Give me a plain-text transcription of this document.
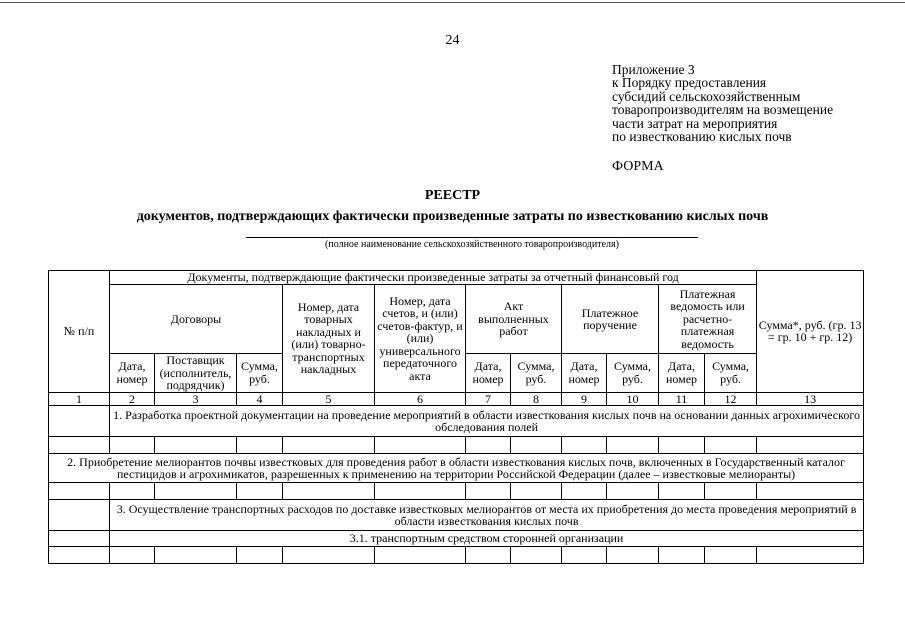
24
Приложение 3
к Порядку предоставления
субсидий сельскохозяйственным
товаропроизводителям на возмещение
части затрат на мероприятия
по известкованию кислых почв
ФОРМА
РЕЕСТР
документов, подтверждающих фактически произведенные затраты по известкованию кислых почв
(полное наименование сельскохозяйственного товаропроизводителя)
№ п/п	Документы, подтверждающие фактически произведенные затраты за отчетный финансовый год											Сумма*, руб. (гр. 13 = гр. 10 + гр. 12)
	Договоры			Номер, дата товарных накладных и (или) товарно-транспортных накладных	Номер, дата счетов, и (или) счетов-фактур, и (или) универсального передаточного акта	Акт выполненных работ		Платежное поручение		Платежная ведомость или расчетно-платежная ведомость		
	Дата, номер	Поставщик (исполнитель, подрядчик)	Сумма, руб.			Дата, номер	Сумма, руб.	Дата, номер	Сумма, руб.	Дата, номер	Сумма, руб.	
1	2	3	4	5	6	7	8	9	10	11	12	13
	1. Разработка проектной документации на проведение мероприятий в области известкования кислых почв на основании данных агрохимического обследования полей											

2. Приобретение мелиорантов почвы известковых для проведения работ в области известкования кислых почв, включенных в Государственный каталог пестицидов и агрохимикатов, разрешенных к применению на территории Российской Федерации (далее – известковые мелиоранты)												

	3. Осуществление транспортных расходов по доставке известковых мелиорантов от места их приобретения до места проведения мероприятий в области известкования кислых почв											
	3.1. транспортным средством сторонней организации											
